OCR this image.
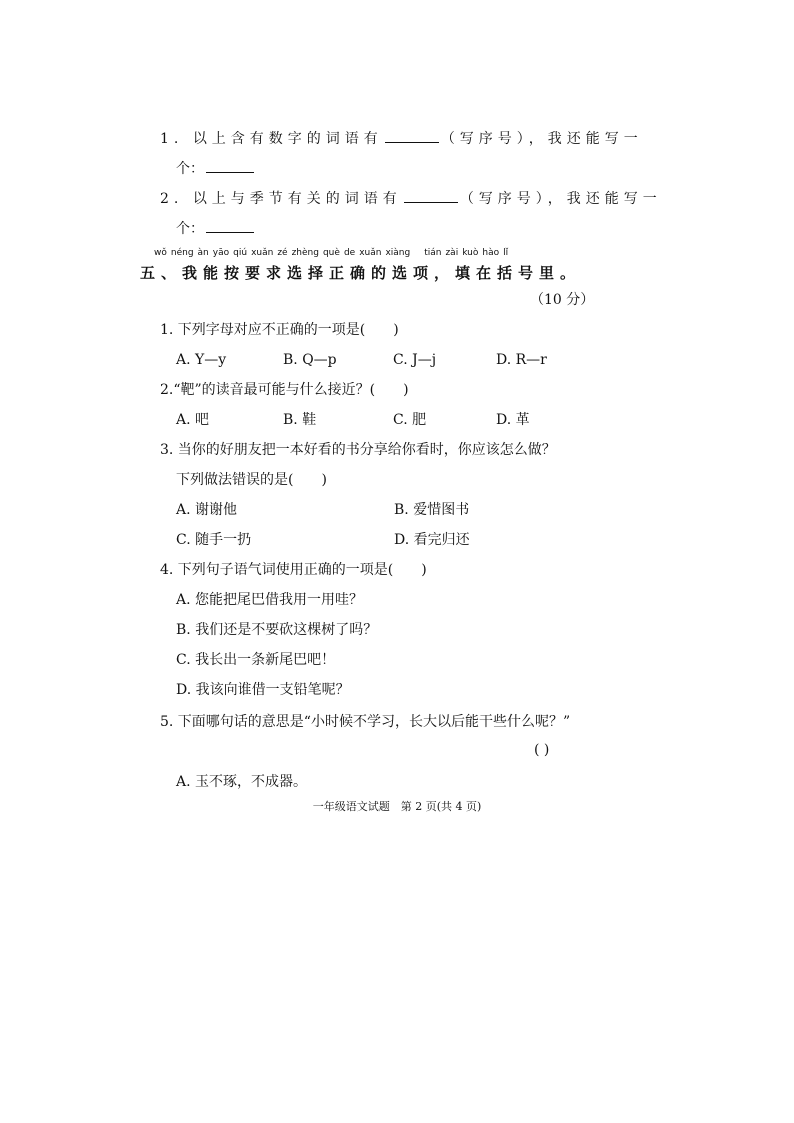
1. 以上含有数字的词语有	（写序号），我还能写一
个：
2. 以上与季节有关的词语有	（写序号），我还能写一
个：
wǒ néng àn yāo qiú xuǎn zé zhèng què de xuǎn xiàng tián zài kuò hào lǐ
五、我能按要求选择正确的选项，填在括号里。
（10 分）
1. 下列字母对应不正确的一项是( )
A. Y—y	B. Q—p	C. J—j	D. R—r
2.“靶”的读音最可能与什么接近？( )
A. 吧	B. 鞋	C. 肥	D. 革
3. 当你的好朋友把一本好看的书分享给你看时，你应该怎么做？
下列做法错误的是( )
A. 谢谢他	B. 爱惜图书
C. 随手一扔	D. 看完归还
4. 下列句子语气词使用正确的一项是( )
A. 您能把尾巴借我用一用哇？
B. 我们还是不要砍这棵树了吗？
C. 我长出一条新尾巴吧！
D. 我该向谁借一支铅笔呢？
5. 下面哪句话的意思是“小时候不学习，长大以后能干些什么呢？”
( )
A. 玉不琢，不成器。
一年级语文试题　第 2 页(共 4 页)
